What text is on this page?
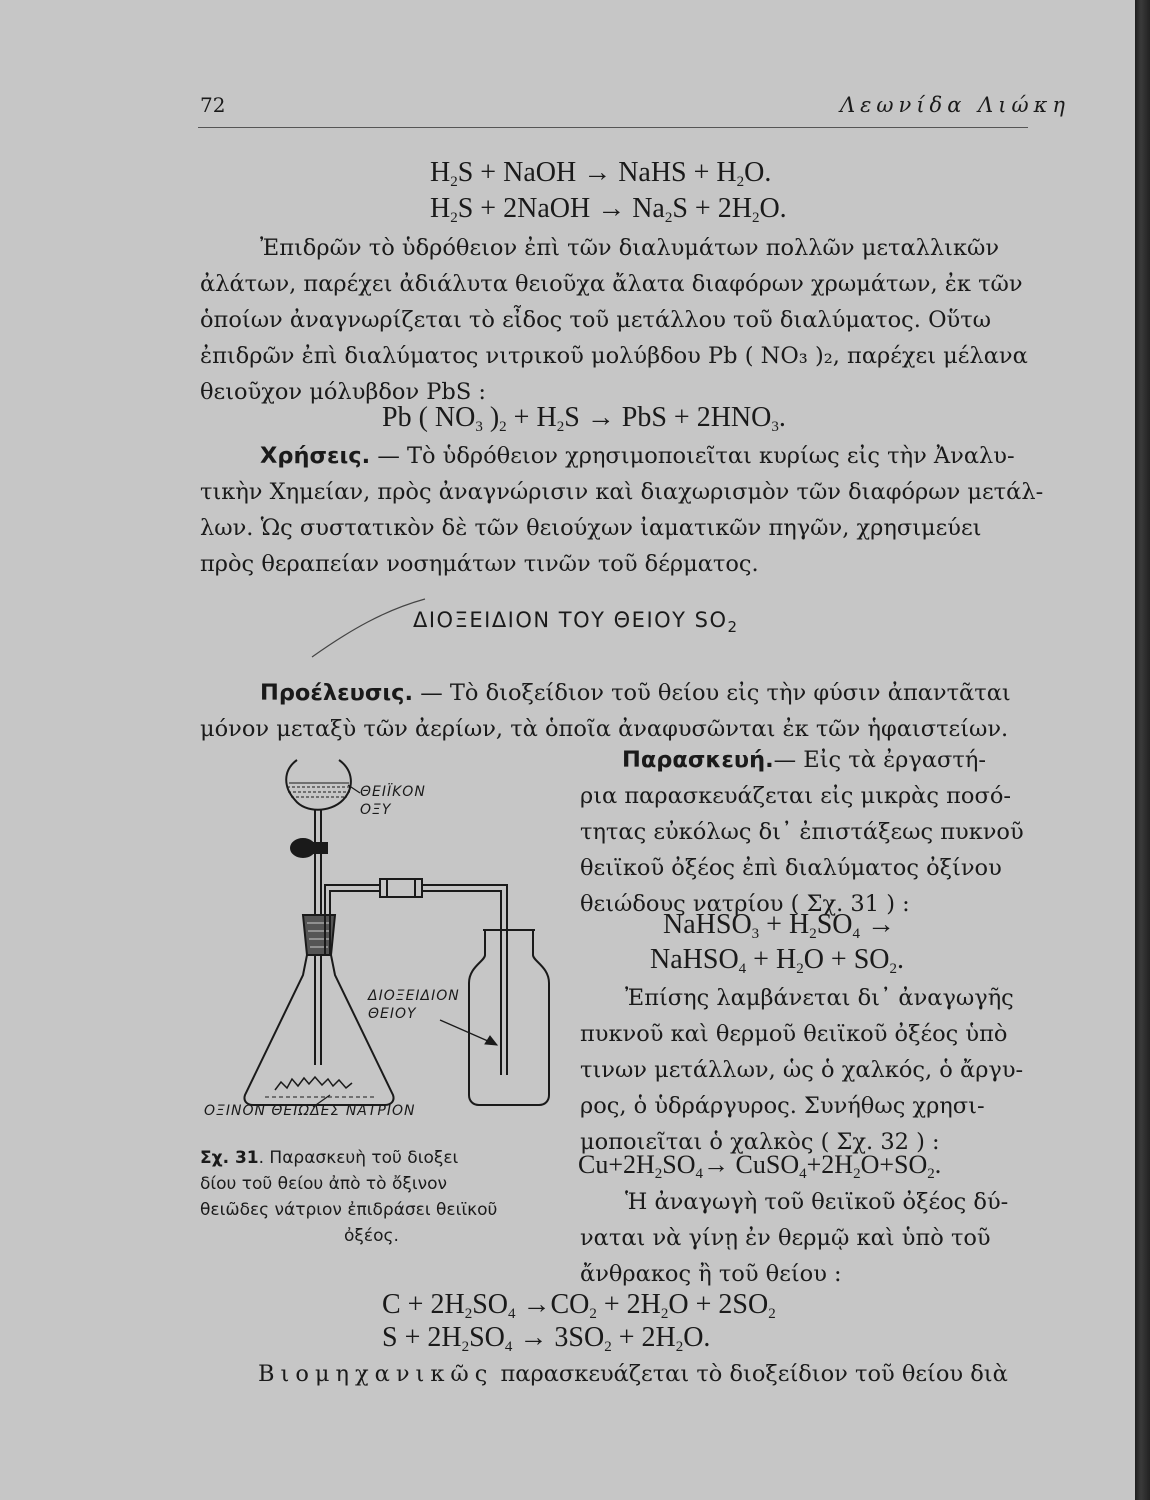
72	Λεωνίδα Λιώκη
$H_2S$ + NaOH → NaHS + $H_2O$.
$H_2S$ + 2NaOH → $Na_2S + 2H_2O$.
Ἐπιδρῶν τὸ ὑδρόθειον ἐπὶ τῶν διαλυμάτων πολλῶν μεταλλικῶν
ἀλάτων, παρέχει ἀδιάλυτα θειοῦχα ἄλατα διαφόρων χρωμάτων, ἐκ τῶν
ὁποίων ἀναγνωρίζεται τὸ εἶδος τοῦ μετάλλου τοῦ διαλύματος. Οὕτω
ἐπιδρῶν ἐπὶ διαλύματος νιτρικοῦ μολύβδου Pb ( NO₃ )₂, παρέχει μέλανα
θειοῦχον μόλυβδον PbS :
Pb ( $NO_3$ )$_2 + H_2S$ → PbS + $2HNO_3$.
Χρήσεις. — Τὸ ὑδρόθειον χρησιμοποιεῖται κυρίως εἰς τὴν Ἀναλυ-
τικὴν Χημείαν, πρὸς ἀναγνώρισιν καὶ διαχωρισμὸν τῶν διαφόρων μετάλ-
λων. Ὡς συστατικὸν δὲ τῶν θειούχων ἰαματικῶν πηγῶν, χρησιμεύει
πρὸς θεραπείαν νοσημάτων τινῶν τοῦ δέρματος.
ΔΙΟΞΕΙΔΙΟΝ ΤΟΥ ΘΕΙΟΥ $SO_2$
Προέλευσις. — Τὸ διοξείδιον τοῦ θείου εἰς τὴν φύσιν ἀπαντᾶται
μόνον μεταξὺ τῶν ἀερίων, τὰ ὁποῖα ἀναφυσῶνται ἐκ τῶν ἡφαιστείων.
Παρασκευή.— Εἰς τὰ ἐργαστή-
ρια παρασκευάζεται εἰς μικρὰς ποσό-
τητας εὐκόλως δι᾽ ἐπιστάξεως πυκνοῦ
θειϊκοῦ ὀξέος ἐπὶ διαλύματος ὀξίνου
θειώδους νατρίου ( Σχ. 31 ) :
NaHSO$_3$ + $H_2SO_4$ →
NaHSO$_4$ + $H_2O + SO_2$.
Ἐπίσης λαμβάνεται δι᾽ ἀναγωγῆς
πυκνοῦ καὶ θερμοῦ θειϊκοῦ ὀξέος ὑπὸ
τινων μετάλλων, ὡς ὁ χαλκός, ὁ ἄργυ-
ρος, ὁ ὑδράργυρος. Συνήθως χρησι-
μοποιεῖται ὁ χαλκὸς ( Σχ. 32 ) :
$Cu+2H_2SO_4\to$ $CuSO_4+2H_2O+SO_2$.
Ἡ ἀναγωγὴ τοῦ θειϊκοῦ ὀξέος δύ-
ναται νὰ γίνῃ ἐν θερμῷ καὶ ὑπὸ τοῦ
ἄνθρακος ἢ τοῦ θείου :
ΘΕΙΪΚΟΝ
ΟΞΥ
ΔΙΟΞΕΙΔΙΟΝ
ΘΕΙΟΥ
ΟΞΙΝΟΝ ΘΕΙΩΔΕΣ ΝΑΤΡΙΟΝ
Σχ. 31. Παρασκευὴ τοῦ διοξει
δίου τοῦ θείου ἀπὸ τὸ ὄξινον
θειῶδες νάτριον ἐπιδράσει θειϊκοῦ
ὀξέος.
$C + 2H_2SO_4 \to CO_2 + 2H_2O + 2SO_2$
$S + 2H_2SO_4 \to 3SO_2 + 2H_2O$.
Βιομηχανικῶς παρασκευάζεται τὸ διοξείδιον τοῦ θείου διὰ
